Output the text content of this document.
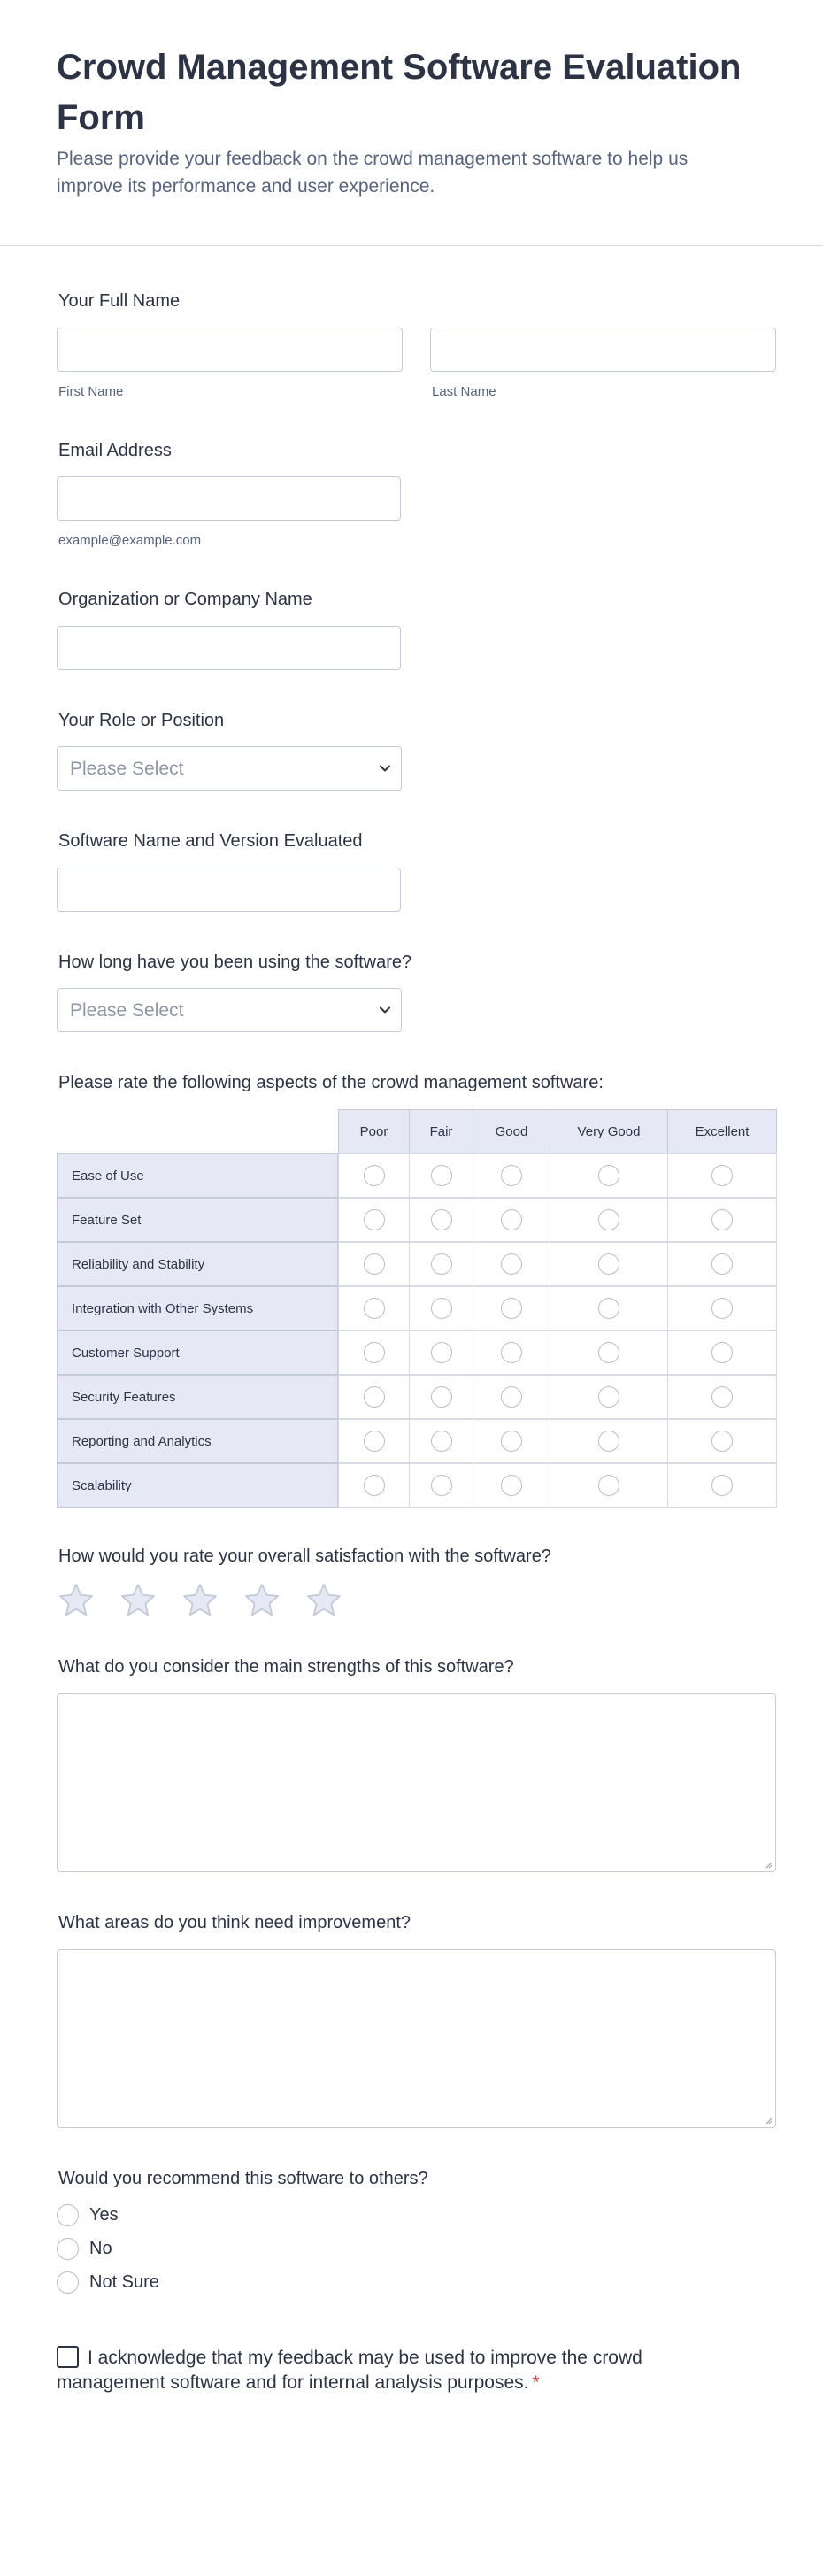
Crowd Management Software Evaluation Form

Please provide your feedback on the crowd management software to help us improve its performance and user experience.

Your Full Name
First Name	Last Name
Email Address
example@example.com
Organization or Company Name
Your Role or Position
Please Select
Software Name and Version Evaluated
How long have you been using the software?
Please Select
Please rate the following aspects of the crowd management software:
Poor	Fair	Good	Very Good	Excellent
Ease of Use
Feature Set
Reliability and Stability
Integration with Other Systems
Customer Support
Security Features
Reporting and Analytics
Scalability
How would you rate your overall satisfaction with the software?
What do you consider the main strengths of this software?
What areas do you think need improvement?
Would you recommend this software to others?
Yes
No
Not Sure
I acknowledge that my feedback may be used to improve the crowd management software and for internal analysis purposes. *
